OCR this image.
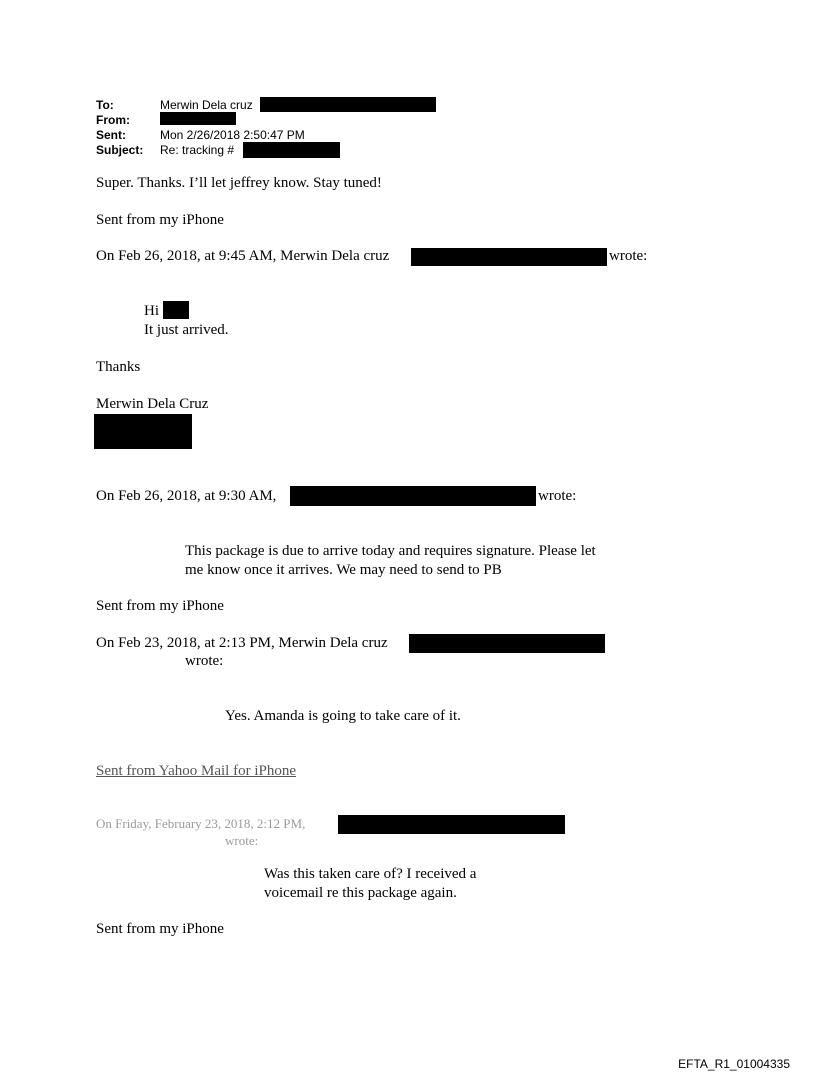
To:	Merwin Dela cruz
From:
Sent:	Mon 2/26/2018 2:50:47 PM
Subject: Re: tracking #
Super. Thanks. I’ll let jeffrey know. Stay tuned!
Sent from my iPhone
On Feb 26, 2018, at 9:45 AM, Merwin Dela cruz	wrote:
Hi
It just arrived.
Thanks
Merwin Dela Cruz
On Feb 26, 2018, at 9:30 AM,	wrote:
This package is due to arrive today and requires signature. Please let
me know once it arrives. We may need to send to PB
Sent from my iPhone
On Feb 23, 2018, at 2:13 PM, Merwin Dela cruz
wrote:
Yes. Amanda is going to take care of it.
Sent from Yahoo Mail for iPhone
On Friday, February 23, 2018, 2:12 PM,
wrote:
Was this taken care of? I received a
voicemail re this package again.
Sent from my iPhone
EFTA_R1_01004335
